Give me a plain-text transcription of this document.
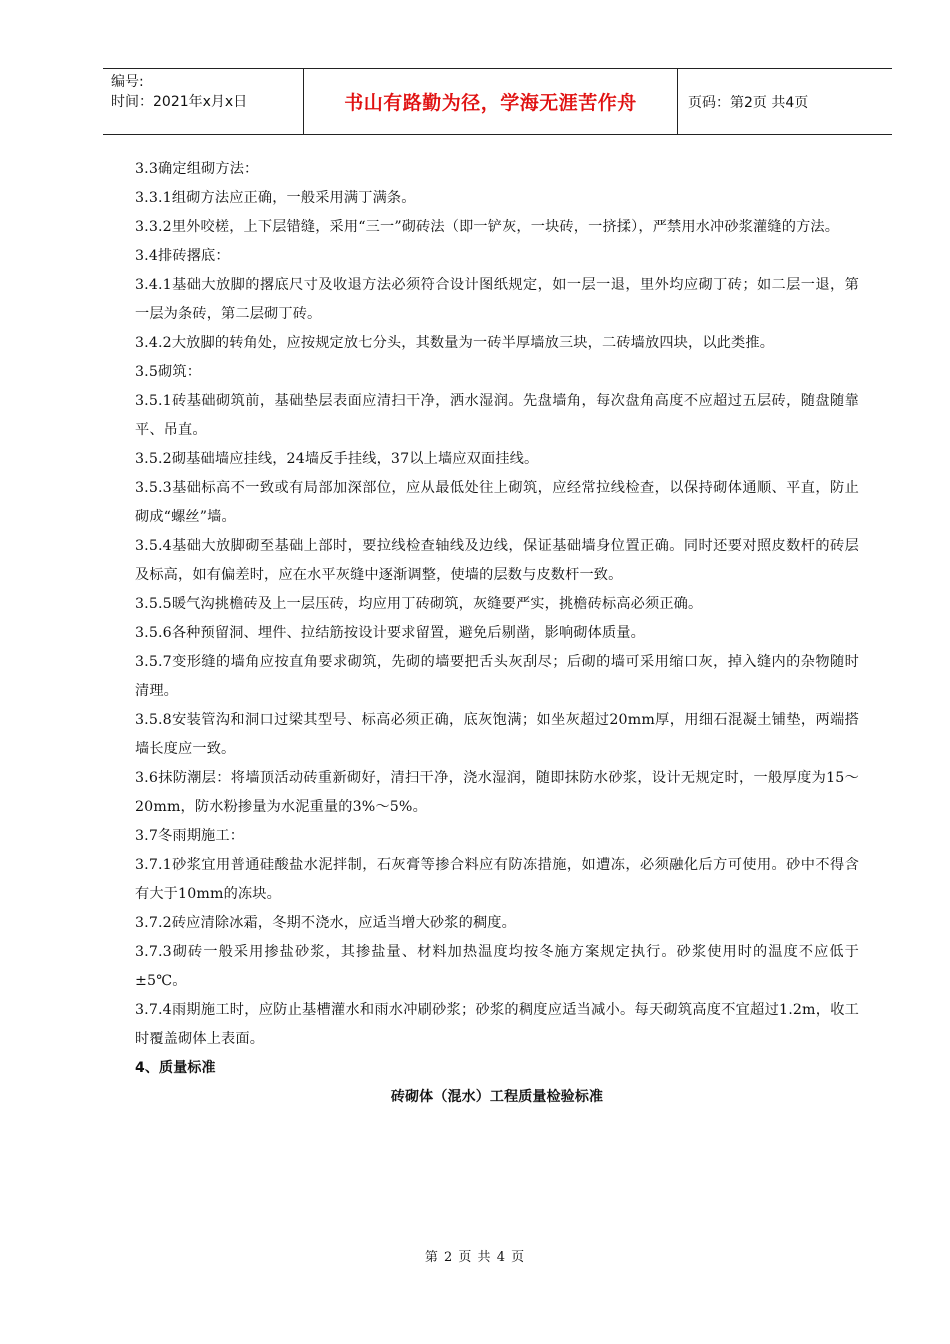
编号:
时间：2021年x月x日	书山有路勤为径，学海无涯苦作舟	页码：第2页 共4页

3.3确定组砌方法：

3.3.1组砌方法应正确，一般采用满丁满条。

3.3.2里外咬槎，上下层错缝，采用“三一”砌砖法（即一铲灰，一块砖，一挤揉），严禁用水冲砂浆灌缝的方法。

3.4排砖撂底：

3.4.1基础大放脚的撂底尺寸及收退方法必须符合设计图纸规定，如一层一退，里外均应砌丁砖；如二层一退，第一层为条砖，第二层砌丁砖。

3.4.2大放脚的转角处，应按规定放七分头，其数量为一砖半厚墙放三块，二砖墙放四块，以此类推。

3.5砌筑：

3.5.1砖基础砌筑前，基础垫层表面应清扫干净，洒水湿润。先盘墙角，每次盘角高度不应超过五层砖，随盘随靠平、吊直。

3.5.2砌基础墙应挂线，24墙反手挂线，37以上墙应双面挂线。

3.5.3基础标高不一致或有局部加深部位，应从最低处往上砌筑，应经常拉线检查，以保持砌体通顺、平直，防止砌成“螺丝”墙。

3.5.4基础大放脚砌至基础上部时，要拉线检查轴线及边线，保证基础墙身位置正确。同时还要对照皮数杆的砖层及标高，如有偏差时，应在水平灰缝中逐渐调整，使墙的层数与皮数杆一致。

3.5.5暖气沟挑檐砖及上一层压砖，均应用丁砖砌筑，灰缝要严实，挑檐砖标高必须正确。

3.5.6各种预留洞、埋件、拉结筋按设计要求留置，避免后剔凿，影响砌体质量。

3.5.7变形缝的墙角应按直角要求砌筑，先砌的墙要把舌头灰刮尽；后砌的墙可采用缩口灰，掉入缝内的杂物随时清理。

3.5.8安装管沟和洞口过梁其型号、标高必须正确，底灰饱满；如坐灰超过20mm厚，用细石混凝土铺垫，两端搭墙长度应一致。

3.6抹防潮层：将墙顶活动砖重新砌好，清扫干净，浇水湿润，随即抹防水砂浆，设计无规定时，一般厚度为15～20mm，防水粉掺量为水泥重量的3%～5%。

3.7冬雨期施工：

3.7.1砂浆宜用普通硅酸盐水泥拌制，石灰膏等掺合料应有防冻措施，如遭冻，必须融化后方可使用。砂中不得含有大于10mm的冻块。

3.7.2砖应清除冰霜，冬期不浇水，应适当增大砂浆的稠度。

3.7.3砌砖一般采用掺盐砂浆，其掺盐量、材料加热温度均按冬施方案规定执行。砂浆使用时的温度不应低于±5℃。

3.7.4雨期施工时，应防止基槽灌水和雨水冲刷砂浆；砂浆的稠度应适当减小。每天砌筑高度不宜超过1.2m，收工时覆盖砌体上表面。

4、质量标准

砖砌体（混水）工程质量检验标准

第 2 页 共 4 页
